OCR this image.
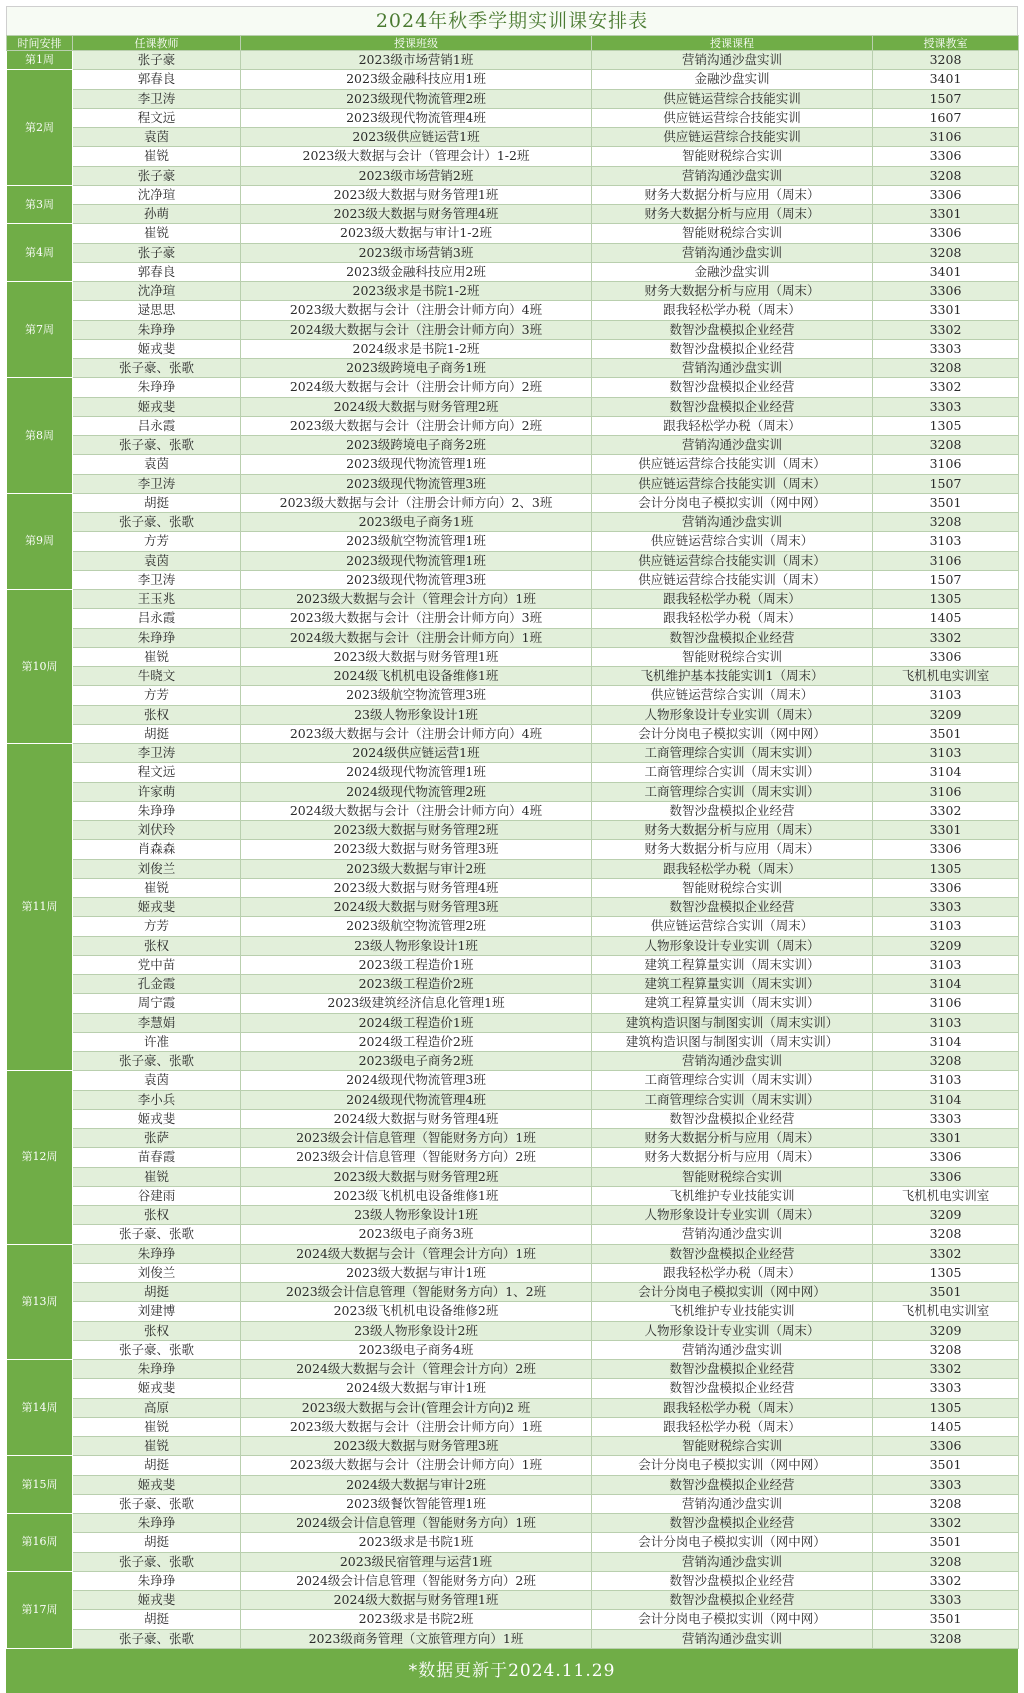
2024年秋季学期实训课安排表
时间安排	任课教师	授课班级	授课课程	授课教室
第1周	张子豪	2023级市场营销1班	营销沟通沙盘实训	3208
第2周	郭春良	2023级金融科技应用1班	金融沙盘实训	3401
	李卫涛	2023级现代物流管理2班	供应链运营综合技能实训	1507
	程文远	2023级现代物流管理4班	供应链运营综合技能实训	1607
	袁茵	2023级供应链运营1班	供应链运营综合技能实训	3106
	崔锐	2023级大数据与会计（管理会计）1-2班	智能财税综合实训	3306
	张子豪	2023级市场营销2班	营销沟通沙盘实训	3208
第3周	沈净瑄	2023级大数据与财务管理1班	财务大数据分析与应用（周末）	3306
	孙萌	2023级大数据与财务管理4班	财务大数据分析与应用（周末）	3301
第4周	崔锐	2023级大数据与审计1-2班	智能财税综合实训	3306
	张子豪	2023级市场营销3班	营销沟通沙盘实训	3208
	郭春良	2023级金融科技应用2班	金融沙盘实训	3401
第7周	沈净瑄	2023级求是书院1-2班	财务大数据分析与应用（周末）	3306
	逯思思	2023级大数据与会计（注册会计师方向）4班	跟我轻松学办税（周末）	3301
	朱琤琤	2024级大数据与会计（注册会计师方向）3班	数智沙盘模拟企业经营	3302
	姬戎斐	2024级求是书院1-2班	数智沙盘模拟企业经营	3303
	张子豪、张歌	2023级跨境电子商务1班	营销沟通沙盘实训	3208
第8周	朱琤琤	2024级大数据与会计（注册会计师方向）2班	数智沙盘模拟企业经营	3302
	姬戎斐	2024级大数据与财务管理2班	数智沙盘模拟企业经营	3303
	吕永霞	2023级大数据与会计（注册会计师方向）2班	跟我轻松学办税（周末）	1305
	张子豪、张歌	2023级跨境电子商务2班	营销沟通沙盘实训	3208
	袁茵	2023级现代物流管理1班	供应链运营综合技能实训（周末）	3106
	李卫涛	2023级现代物流管理3班	供应链运营综合技能实训（周末）	1507
第9周	胡挺	2023级大数据与会计（注册会计师方向）2、3班	会计分岗电子模拟实训（网中网）	3501
	张子豪、张歌	2023级电子商务1班	营销沟通沙盘实训	3208
	方芳	2023级航空物流管理1班	供应链运营综合实训（周末）	3103
	袁茵	2023级现代物流管理1班	供应链运营综合技能实训（周末）	3106
	李卫涛	2023级现代物流管理3班	供应链运营综合技能实训（周末）	1507
第10周	王玉兆	2023级大数据与会计（管理会计方向）1班	跟我轻松学办税（周末）	1305
	吕永霞	2023级大数据与会计（注册会计师方向）3班	跟我轻松学办税（周末）	1405
	朱琤琤	2024级大数据与会计（注册会计师方向）1班	数智沙盘模拟企业经营	3302
	崔锐	2023级大数据与财务管理1班	智能财税综合实训	3306
	牛晓文	2024级飞机机电设备维修1班	飞机维护基本技能实训1（周末）	飞机机电实训室
	方芳	2023级航空物流管理3班	供应链运营综合实训（周末）	3103
	张权	23级人物形象设计1班	人物形象设计专业实训（周末）	3209
	胡挺	2023级大数据与会计（注册会计师方向）4班	会计分岗电子模拟实训（网中网）	3501
第11周	李卫涛	2024级供应链运营1班	工商管理综合实训（周末实训）	3103
	程文远	2024级现代物流管理1班	工商管理综合实训（周末实训）	3104
	许家萌	2024级现代物流管理2班	工商管理综合实训（周末实训）	3106
	朱琤琤	2024级大数据与会计（注册会计师方向）4班	数智沙盘模拟企业经营	3302
	刘伏玲	2023级大数据与财务管理2班	财务大数据分析与应用（周末）	3301
	肖森森	2023级大数据与财务管理3班	财务大数据分析与应用（周末）	3306
	刘俊兰	2023级大数据与审计2班	跟我轻松学办税（周末）	1305
	崔锐	2023级大数据与财务管理4班	智能财税综合实训	3306
	姬戎斐	2024级大数据与财务管理3班	数智沙盘模拟企业经营	3303
	方芳	2023级航空物流管理2班	供应链运营综合实训（周末）	3103
	张权	23级人物形象设计1班	人物形象设计专业实训（周末）	3209
	党中苗	2023级工程造价1班	建筑工程算量实训（周末实训）	3103
	孔金霞	2023级工程造价2班	建筑工程算量实训（周末实训）	3104
	周宁霞	2023级建筑经济信息化管理1班	建筑工程算量实训（周末实训）	3106
	李慧娟	2024级工程造价1班	建筑构造识图与制图实训（周末实训）	3103
	许准	2024级工程造价2班	建筑构造识图与制图实训（周末实训）	3104
	张子豪、张歌	2023级电子商务2班	营销沟通沙盘实训	3208
第12周	袁茵	2024级现代物流管理3班	工商管理综合实训（周末实训）	3103
	李小兵	2024级现代物流管理4班	工商管理综合实训（周末实训）	3104
	姬戎斐	2024级大数据与财务管理4班	数智沙盘模拟企业经营	3303
	张萨	2023级会计信息管理（智能财务方向）1班	财务大数据分析与应用（周末）	3301
	苗春霞	2023级会计信息管理（智能财务方向）2班	财务大数据分析与应用（周末）	3306
	崔锐	2023级大数据与财务管理2班	智能财税综合实训	3306
	谷建雨	2023级飞机机电设备维修1班	飞机维护专业技能实训	飞机机电实训室
	张权	23级人物形象设计1班	人物形象设计专业实训（周末）	3209
	张子豪、张歌	2023级电子商务3班	营销沟通沙盘实训	3208
第13周	朱琤琤	2024级大数据与会计（管理会计方向）1班	数智沙盘模拟企业经营	3302
	刘俊兰	2023级大数据与审计1班	跟我轻松学办税（周末）	1305
	胡挺	2023级会计信息管理（智能财务方向）1、2班	会计分岗电子模拟实训（网中网）	3501
	刘建博	2023级飞机机电设备维修2班	飞机维护专业技能实训	飞机机电实训室
	张权	23级人物形象设计2班	人物形象设计专业实训（周末）	3209
	张子豪、张歌	2023级电子商务4班	营销沟通沙盘实训	3208
第14周	朱琤琤	2024级大数据与会计（管理会计方向）2班	数智沙盘模拟企业经营	3302
	姬戎斐	2024级大数据与审计1班	数智沙盘模拟企业经营	3303
	高原	2023级大数据与会计(管理会计方向)2 班	跟我轻松学办税（周末）	1305
	崔锐	2023级大数据与会计（注册会计师方向）1班	跟我轻松学办税（周末）	1405
	崔锐	2023级大数据与财务管理3班	智能财税综合实训	3306
第15周	胡挺	2023级大数据与会计（注册会计师方向）1班	会计分岗电子模拟实训（网中网）	3501
	姬戎斐	2024级大数据与审计2班	数智沙盘模拟企业经营	3303
	张子豪、张歌	2023级餐饮智能管理1班	营销沟通沙盘实训	3208
第16周	朱琤琤	2024级会计信息管理（智能财务方向）1班	数智沙盘模拟企业经营	3302
	胡挺	2023级求是书院1班	会计分岗电子模拟实训（网中网）	3501
	张子豪、张歌	2023级民宿管理与运营1班	营销沟通沙盘实训	3208
第17周	朱琤琤	2024级会计信息管理（智能财务方向）2班	数智沙盘模拟企业经营	3302
	姬戎斐	2024级大数据与财务管理1班	数智沙盘模拟企业经营	3303
	胡挺	2023级求是书院2班	会计分岗电子模拟实训（网中网）	3501
	张子豪、张歌	2023级商务管理（文旅管理方向）1班	营销沟通沙盘实训	3208
*数据更新于2024.11.29
